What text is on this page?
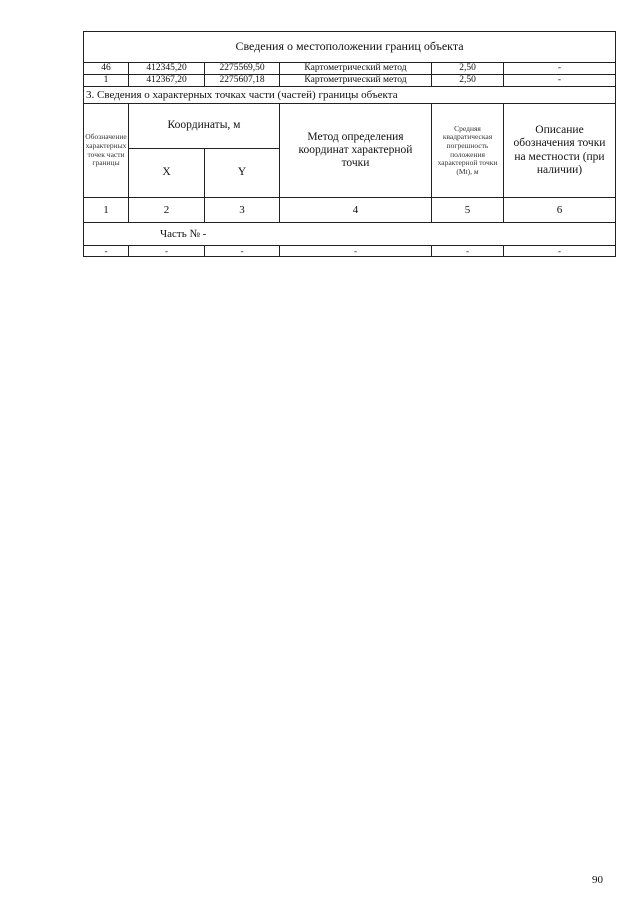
Сведения о местоположении границ объекта					
46	412345,20	2275569,50	Картометрический метод	2,50	-
1	412367,20	2275607,18	Картометрический метод	2,50	-
3. Сведения о характерных точках части (частей) границы объекта					
Обозначение характерных точек части границы	Координаты, м		Метод определения координат характерной точки	Средняя квадратическая погрешность положения характерной точки (Mt), м	Описание обозначения точки на местности (при наличии)
	X	Y			
1	2	3	4	5	6
Часть № -					
-	-	-	-	-	-
90
